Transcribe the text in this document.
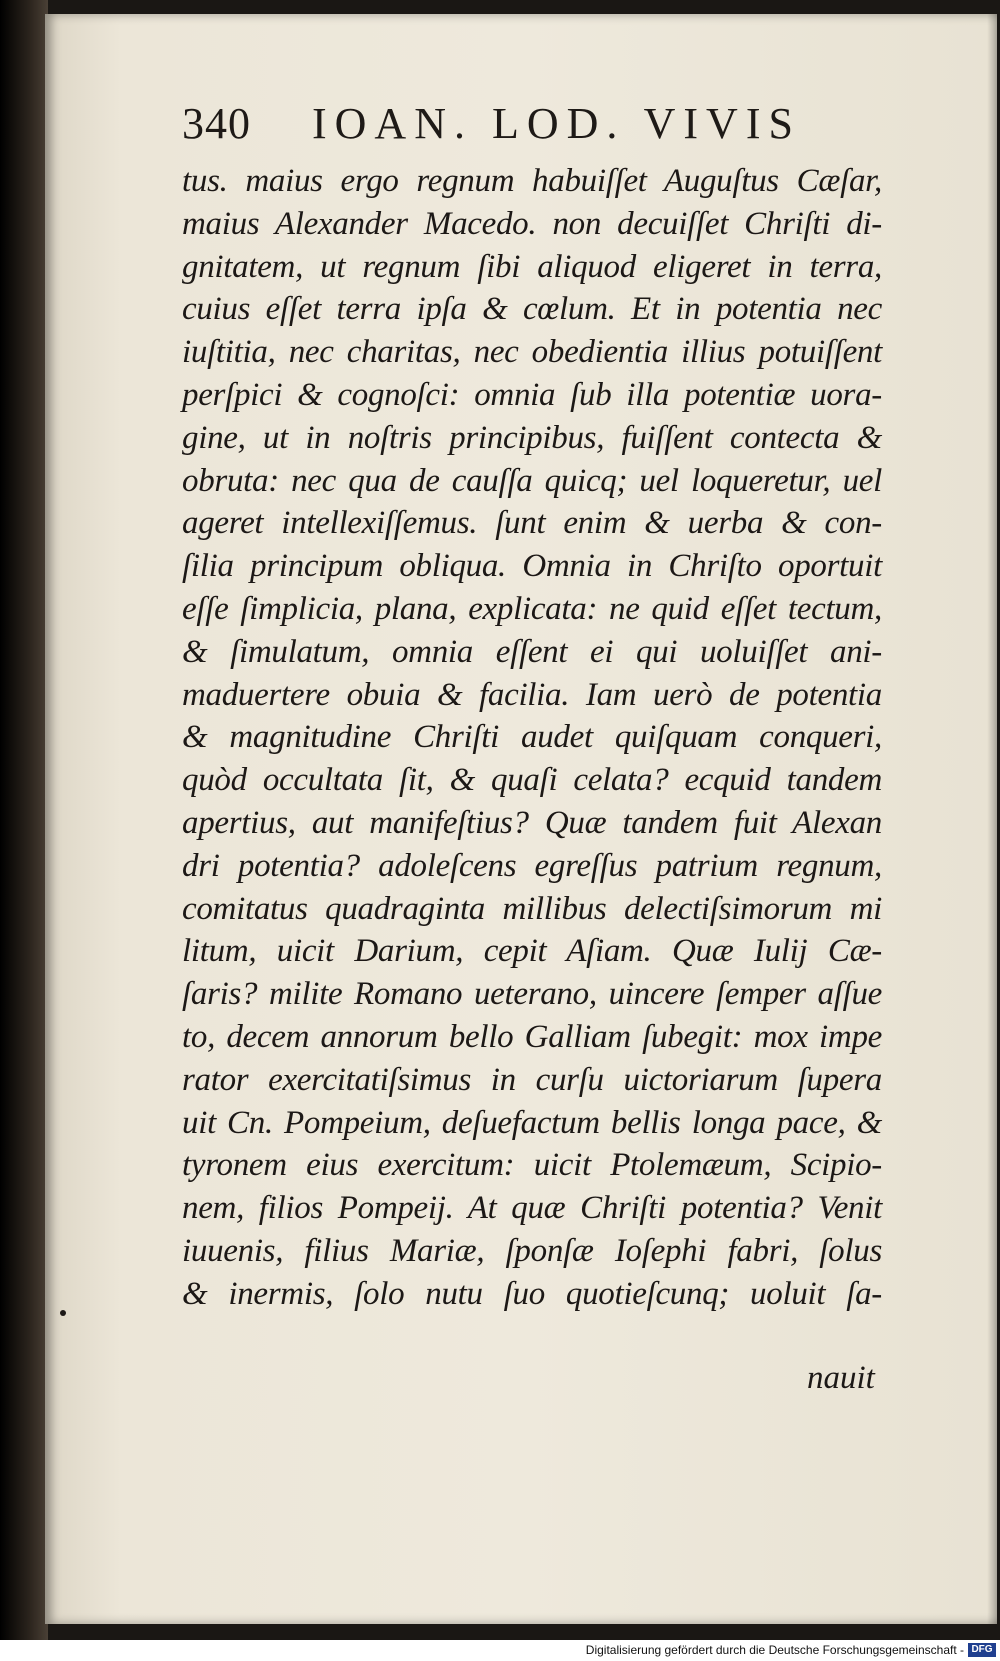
340 IOAN. LOD. VIVIS
tus. maius ergo regnum habuiſſet Auguſtus Cæſar,
maius Alexander Macedo. non decuiſſet Chriſti di-
gnitatem, ut regnum ſibi aliquod eligeret in terra,
cuius eſſet terra ipſa & cœlum. Et in potentia nec
iuſtitia, nec charitas, nec obedientia illius potuiſſent
perſpici & cognoſci: omnia ſub illa potentiæ uora-
gine, ut in noſtris principibus, fuiſſent contecta &
obruta: nec qua de cauſſa quicq; uel loqueretur, uel
ageret intellexiſſemus. ſunt enim & uerba & con-
ſilia principum obliqua. Omnia in Chriſto oportuit
eſſe ſimplicia, plana, explicata: ne quid eſſet tectum,
& ſimulatum, omnia eſſent ei qui uoluiſſet ani-
maduertere obuia & facilia. Iam uerò de potentia
& magnitudine Chriſti audet quiſquam conqueri,
quòd occultata ſit, & quaſi celata? ecquid tandem
apertius, aut manifeſtius? Quæ tandem fuit Alexan
dri potentia? adoleſcens egreſſus patrium regnum,
comitatus quadraginta millibus delectiſsimorum mi
litum, uicit Darium, cepit Aſiam. Quæ Iulij Cæ-
ſaris? milite Romano ueterano, uincere ſemper aſſue
to, decem annorum bello Galliam ſubegit: mox impe
rator exercitatiſsimus in curſu uictoriarum ſupera
uit Cn. Pompeium, deſuefactum bellis longa pace, &
tyronem eius exercitum: uicit Ptolemæum, Scipio-
nem, filios Pompeij. At quæ Chriſti potentia? Venit
iuuenis, filius Mariæ, ſponſæ Ioſephi fabri, ſolus
& inermis, ſolo nutu ſuo quotieſcunq; uoluit ſa-
nauit
Digitalisierung gefördert durch die Deutsche Forschungsgemeinschaft - DFG
